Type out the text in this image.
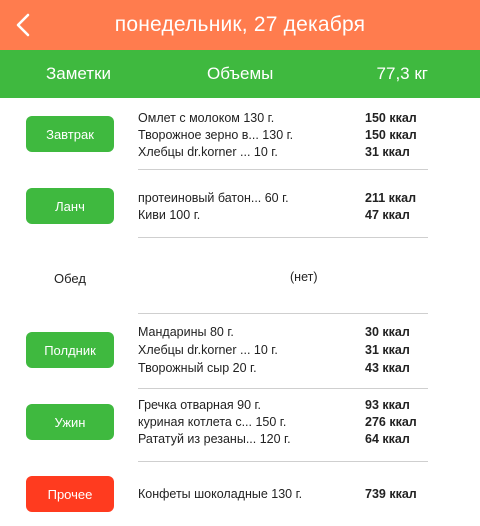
понедельник, 27 декабря
Заметки	Объемы	77,3 кг
Завтрак
Омлет с молоком 130 г.	150 ккал
Творожное зерно в... 130 г.	150 ккал
Хлебцы dr.korner ... 10 г.	31 ккал
Ланч
протеиновый батон... 60 г.	211 ккал
Киви 100 г.	47 ккал
Обед	(нет)
Полдник
Мандарины 80 г.	30 ккал
Хлебцы dr.korner ... 10 г.	31 ккал
Творожный сыр 20 г.	43 ккал
Ужин
Гречка отварная 90 г.	93 ккал
куриная котлета с... 150 г.	276 ккал
Рататуй из резаны... 120 г.	64 ккал
Прочее	Конфеты шоколадные 130 г.	739 ккал
